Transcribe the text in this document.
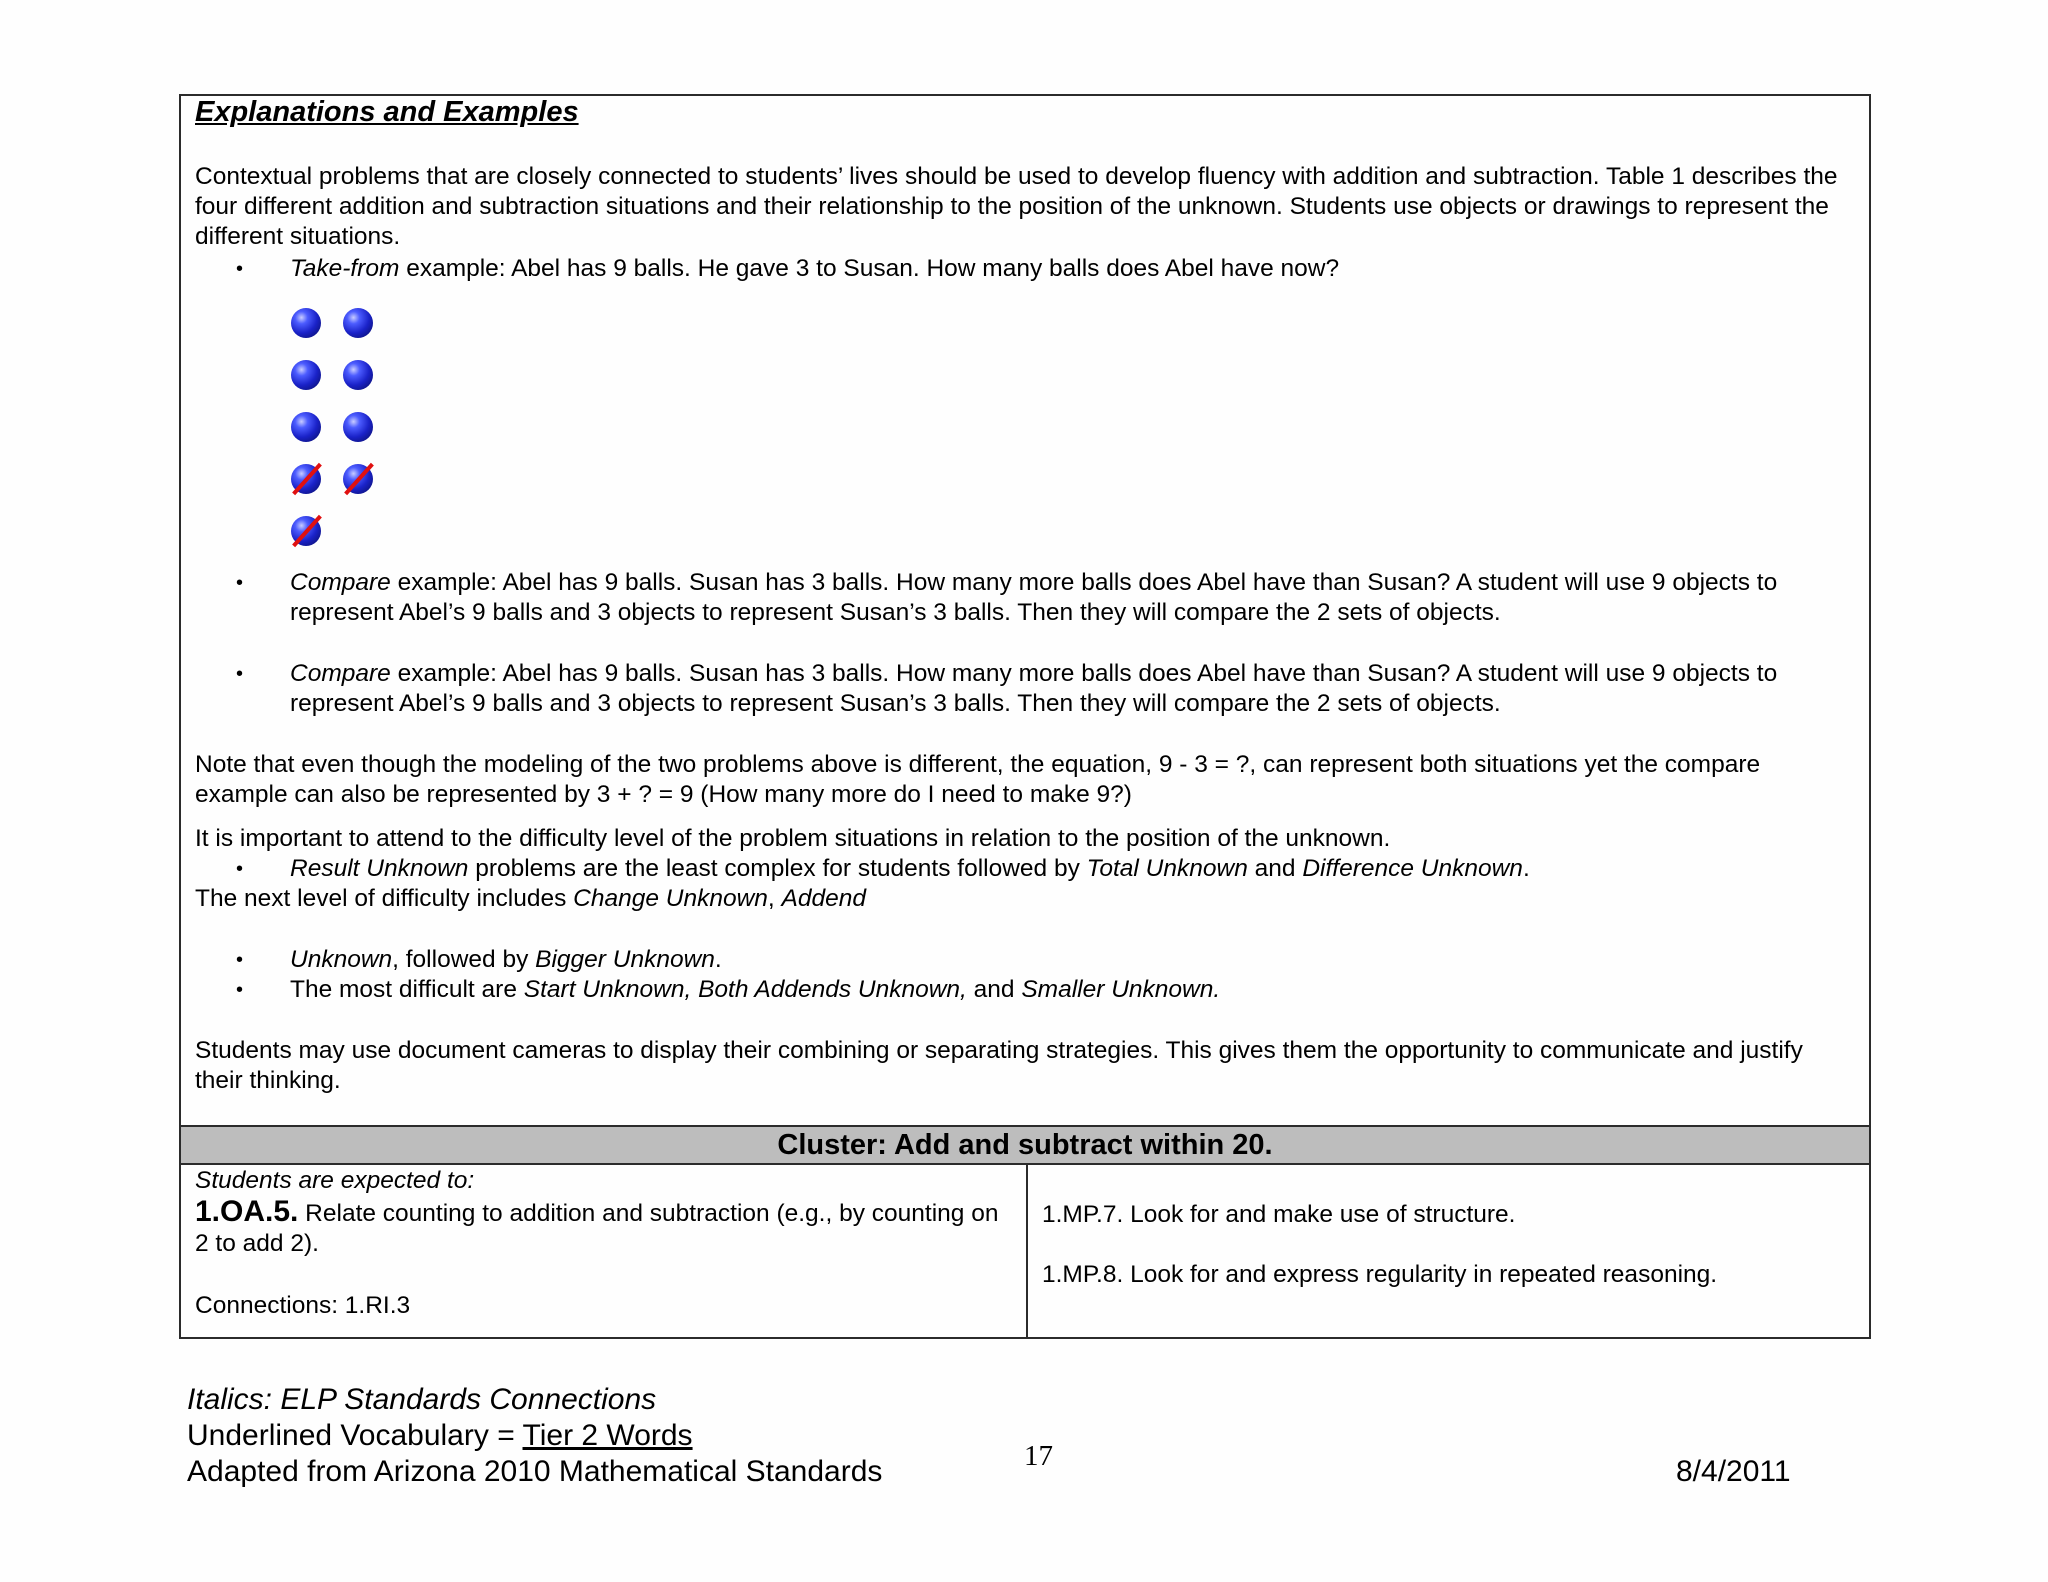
Explanations and Examples
Contextual problems that are closely connected to students’ lives should be used to develop fluency with addition and subtraction. Table 1 describes the four different addition and subtraction situations and their relationship to the position of the unknown. Students use objects or drawings to represent the different situations.
•
Take-from example: Abel has 9 balls. He gave 3 to Susan. How many balls does Abel have now?
•
Compare example: Abel has 9 balls. Susan has 3 balls. How many more balls does Abel have than Susan? A student will use 9 objects to represent Abel’s 9 balls and 3 objects to represent Susan’s 3 balls. Then they will compare the 2 sets of objects.
•
Compare example: Abel has 9 balls. Susan has 3 balls. How many more balls does Abel have than Susan? A student will use 9 objects to represent Abel’s 9 balls and 3 objects to represent Susan’s 3 balls. Then they will compare the 2 sets of objects.
Note that even though the modeling of the two problems above is different, the equation, 9 - 3 = ?, can represent both situations yet the compare example can also be represented by 3 + ? = 9 (How many more do I need to make 9?)
It is important to attend to the difficulty level of the problem situations in relation to the position of the unknown.
•
Result Unknown problems are the least complex for students followed by Total Unknown and Difference Unknown.
The next level of difficulty includes Change Unknown, Addend
•
Unknown, followed by Bigger Unknown.
•
The most difficult are Start Unknown, Both Addends Unknown, and Smaller Unknown.
Students may use document cameras to display their combining or separating strategies. This gives them the opportunity to communicate and justify their thinking.
Cluster: Add and subtract within 20.
Students are expected to:
1.OA.5. Relate counting to addition and subtraction (e.g., by counting on 2 to add 2).
Connections: 1.RI.3
1.MP.7. Look for and make use of structure.
1.MP.8. Look for and express regularity in repeated reasoning.
Italics: ELP Standards Connections
Underlined Vocabulary = Tier 2 Words
Adapted from Arizona 2010 Mathematical Standards	17	8/4/2011
